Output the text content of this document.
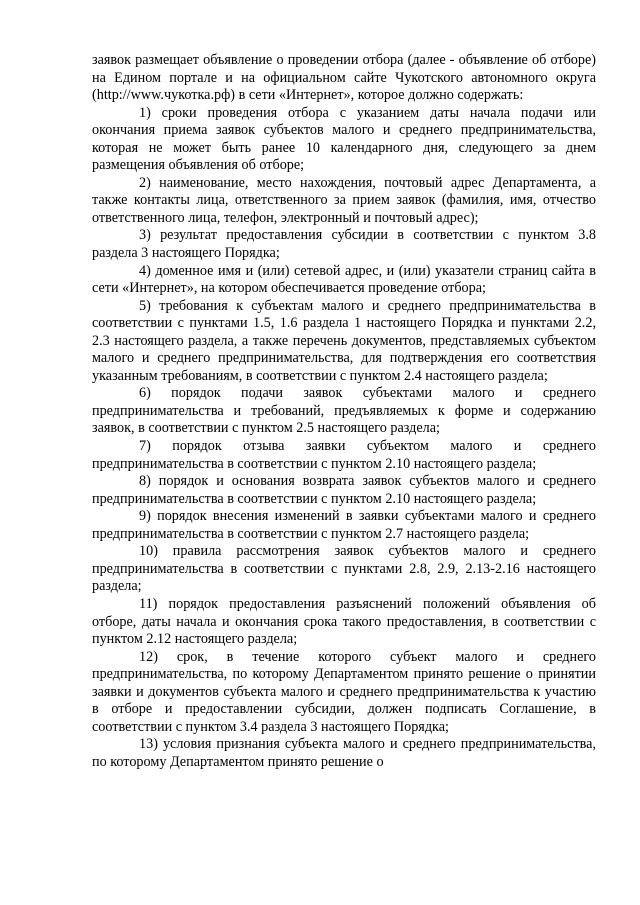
заявок размещает объявление о проведении отбора (далее - объявление об отборе) на Едином портале и на официальном сайте Чукотского автономного округа (http://www.чукотка.рф) в сети «Интернет», которое должно содержать:

1) сроки проведения отбора с указанием даты начала подачи или окончания приема заявок субъектов малого и среднего предпринимательства, которая не может быть ранее 10 календарного дня, следующего за днем размещения объявления об отборе;

2) наименование, место нахождения, почтовый адрес Департамента, а также контакты лица, ответственного за прием заявок (фамилия, имя, отчество ответственного лица, телефон, электронный и почтовый адрес);

3) результат предоставления субсидии в соответствии с пунктом 3.8 раздела 3 настоящего Порядка;

4) доменное имя и (или) сетевой адрес, и (или) указатели страниц сайта в сети «Интернет», на котором обеспечивается проведение отбора;

5) требования к субъектам малого и среднего предпринимательства в соответствии с пунктами 1.5, 1.6 раздела 1 настоящего Порядка и пунктами 2.2, 2.3 настоящего раздела, а также перечень документов, представляемых субъектом малого и среднего предпринимательства, для подтверждения его соответствия указанным требованиям, в соответствии с пунктом 2.4 настоящего раздела;

6) порядок подачи заявок субъектами малого и среднего предпринимательства и требований, предъявляемых к форме и содержанию заявок, в соответствии с пунктом 2.5 настоящего раздела;

7) порядок отзыва заявки субъектом малого и среднего предпринимательства в соответствии с пунктом 2.10 настоящего раздела;

8) порядок и основания возврата заявок субъектов малого и среднего предпринимательства в соответствии с пунктом 2.10 настоящего раздела;

9) порядок внесения изменений в заявки субъектами малого и среднего предпринимательства в соответствии с пунктом 2.7 настоящего раздела;

10) правила рассмотрения заявок субъектов малого и среднего предпринимательства в соответствии с пунктами 2.8, 2.9, 2.13-2.16 настоящего раздела;

11) порядок предоставления разъяснений положений объявления об отборе, даты начала и окончания срока такого предоставления, в соответствии с пунктом 2.12 настоящего раздела;

12) срок, в течение которого субъект малого и среднего предпринимательства, по которому Департаментом принято решение о принятии заявки и документов субъекта малого и среднего предпринимательства к участию в отборе и предоставлении субсидии, должен подписать Соглашение, в соответствии с пунктом 3.4 раздела 3 настоящего Порядка;

13) условия признания субъекта малого и среднего предпринимательства, по которому Департаментом принято решение о
